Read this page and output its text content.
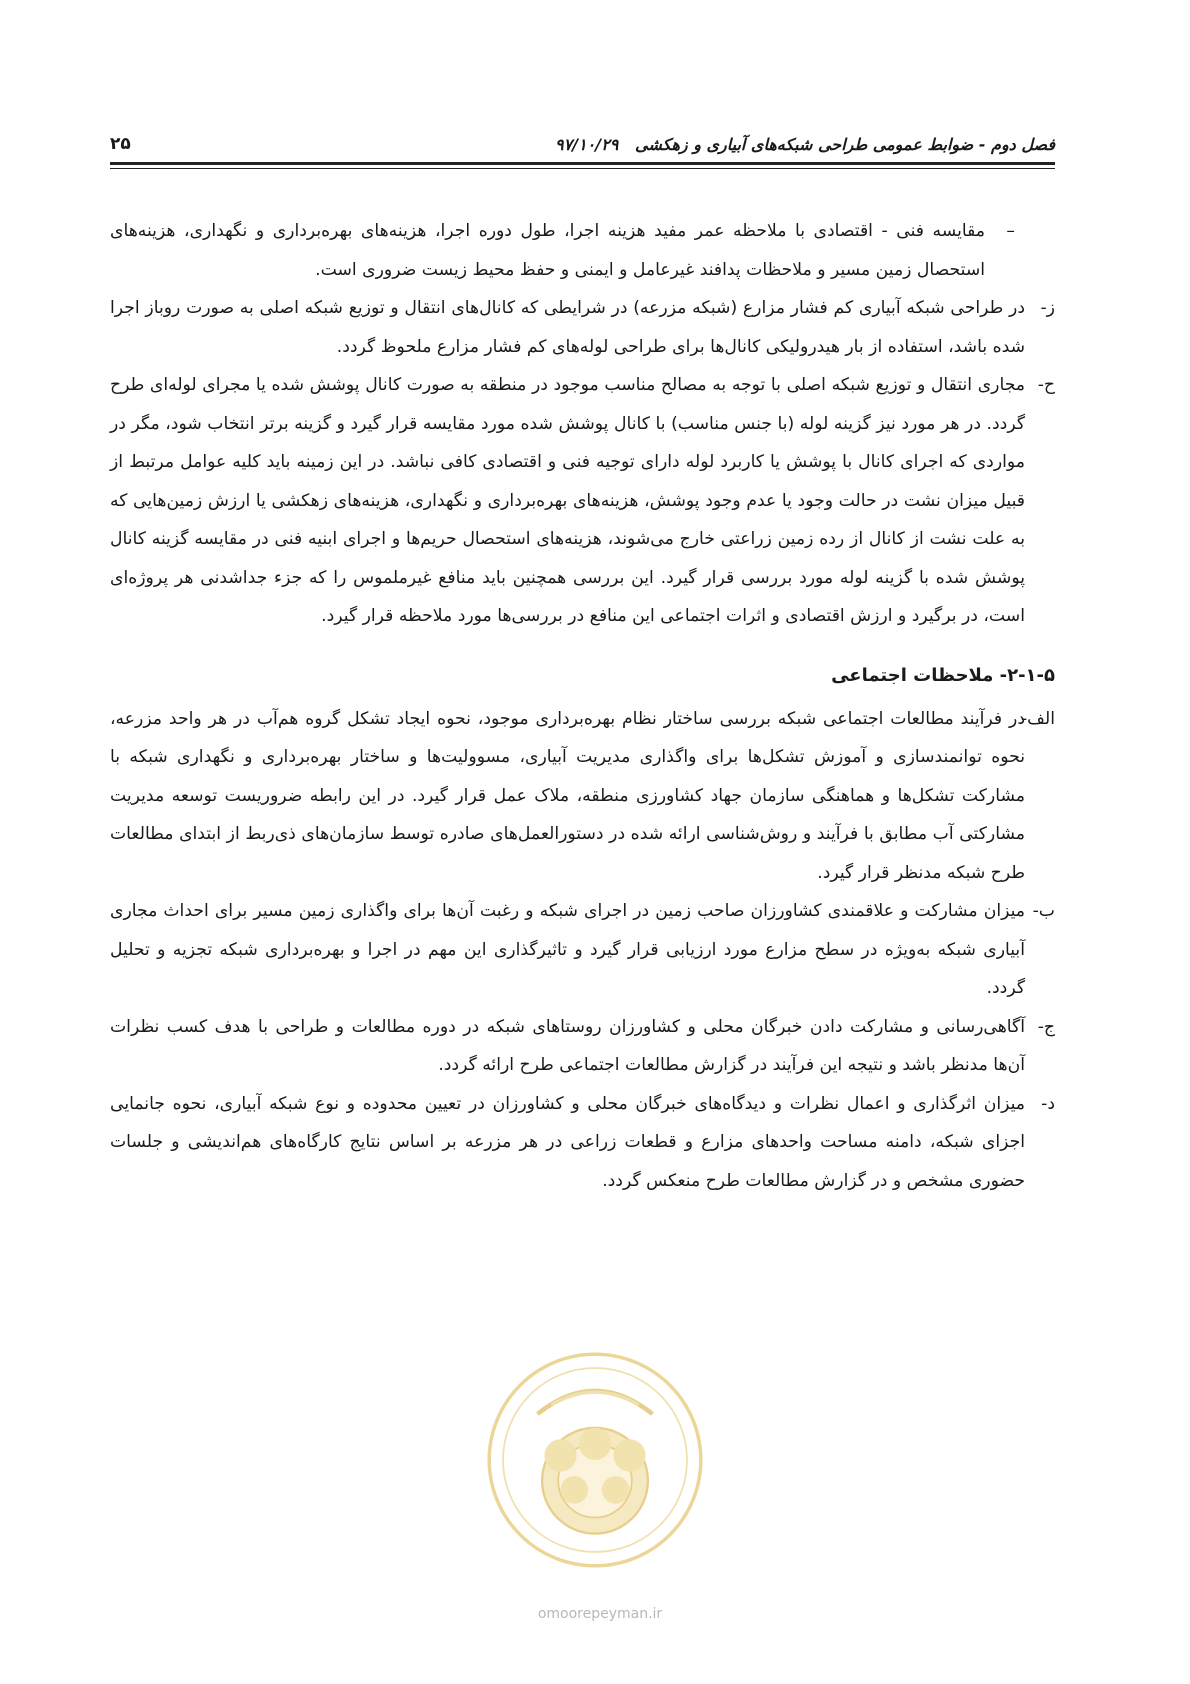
فصل دوم - ضوابط عمومی طراحی شبکه‌های آبیاری و زهکشی   ۹۷/۱۰/۲۹
۲۵
–
مقایسه فنی - اقتصادی با ملاحظه عمر مفید هزینه اجرا، طول دوره اجرا، هزینه‌های بهره‌برداری و نگهداری، هزینه‌های استحصال زمین مسیر و ملاحظات پدافند غیرعامل و ایمنی و حفظ محیط زیست ضروری است.
ز-
در طراحی شبکه آبیاری کم فشار مزارع (شبکه مزرعه) در شرایطی که کانال‌های انتقال و توزیع شبکه اصلی به صورت روباز اجرا شده باشد، استفاده از بار هیدرولیکی کانال‌ها برای طراحی لوله‌های کم فشار مزارع ملحوظ گردد.
ح-
مجاری انتقال و توزیع شبکه اصلی با توجه به مصالح مناسب موجود در منطقه به صورت کانال پوشش شده یا مجرای لوله‌ای طرح گردد. در هر مورد نیز گزینه لوله (با جنس مناسب) با کانال پوشش شده مورد مقایسه قرار گیرد و گزینه برتر انتخاب شود، مگر در مواردی که اجرای کانال با پوشش یا کاربرد لوله دارای توجیه فنی و اقتصادی کافی نباشد. در این زمینه باید کلیه عوامل مرتبط از قبیل میزان نشت در حالت وجود یا عدم وجود پوشش، هزینه‌های بهره‌برداری و نگهداری، هزینه‌های زهکشی یا ارزش زمین‌هایی که به علت نشت از کانال از رده زمین زراعتی خارج می‌شوند، هزینه‌های استحصال حریم‌ها و اجرای ابنیه فنی در مقایسه گزینه کانال پوشش شده با گزینه لوله مورد بررسی قرار گیرد. این بررسی همچنین باید منافع غیرملموس را که جزء جداشدنی هر پروژه‌ای است، در برگیرد و ارزش اقتصادی و اثرات اجتماعی این منافع در بررسی‌ها مورد ملاحظه قرار گیرد.
۲-۱-۵- ملاحظات اجتماعی
الف-
در فرآیند مطالعات اجتماعی شبکه بررسی ساختار نظام بهره‌برداری موجود، نحوه ایجاد تشکل گروه هم‌آب در هر واحد مزرعه، نحوه توانمندسازی و آموزش تشکل‌ها برای واگذاری مدیریت آبیاری، مسوولیت‌ها و ساختار بهره‌برداری و نگهداری شبکه با مشارکت تشکل‌ها و هماهنگی سازمان جهاد کشاورزی منطقه، ملاک عمل قرار گیرد. در این رابطه ضروریست توسعه مدیریت مشارکتی آب مطابق با فرآیند و روش‌شناسی ارائه شده در دستورالعمل‌های صادره توسط سازمان‌های ذی‌ربط از ابتدای مطالعات طرح شبکه مدنظر قرار گیرد.
ب-
میزان مشارکت و علاقمندی کشاورزان صاحب زمین در اجرای شبکه و رغبت آن‌ها برای واگذاری زمین مسیر برای احداث مجاری آبیاری شبکه به‌ویژه در سطح مزارع مورد ارزیابی قرار گیرد و تاثیرگذاری این مهم در اجرا و بهره‌برداری شبکه تجزیه و تحلیل گردد.
ج-
آگاهی‌رسانی و مشارکت دادن خبرگان محلی و کشاورزان روستاهای شبکه در دوره مطالعات و طراحی با هدف کسب نظرات آن‌ها مدنظر باشد و نتیجه این فرآیند در گزارش مطالعات اجتماعی طرح ارائه گردد.
د-
میزان اثرگذاری و اعمال نظرات و دیدگاه‌های خبرگان محلی و کشاورزان در تعیین محدوده و نوع شبکه آبیاری، نحوه جانمایی اجزای شبکه، دامنه مساحت واحدهای مزارع و قطعات زراعی در هر مزرعه بر اساس نتایج کارگاه‌های هم‌اندیشی و جلسات حضوری مشخص و در گزارش مطالعات طرح منعکس گردد.
omoorepeyman.ir
